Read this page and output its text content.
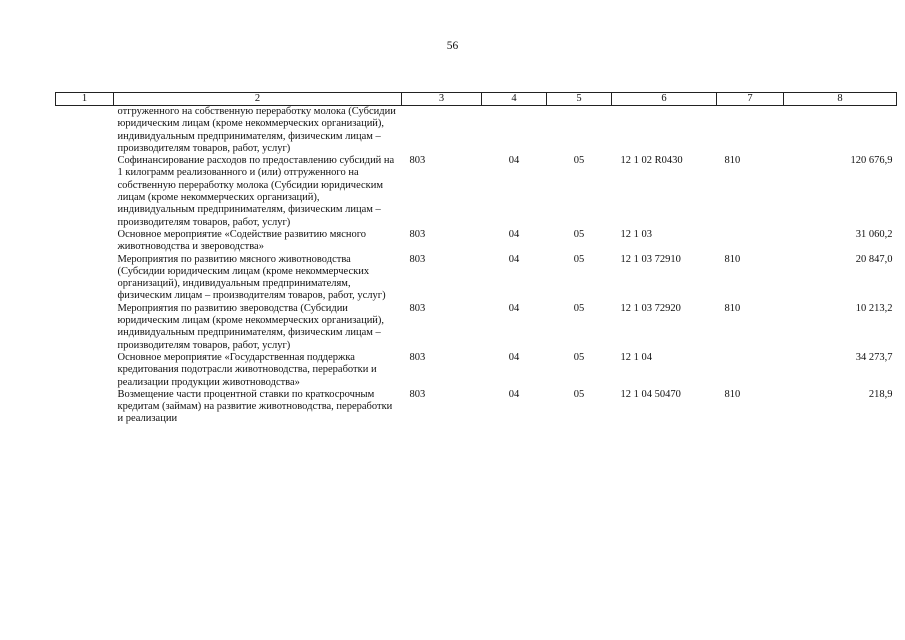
56
1	2	3	4	5	6	7	8
	отгруженного на собственную переработку молока (Субсидии юридическим лицам (кроме некоммерческих организаций), индивидуальным предпринимателям, физическим лицам – производителям товаров, работ, услуг)						
	Софинансирование расходов по предоставлению субсидий на 1 килограмм реализованного и (или) отгруженного на собственную переработку молока (Субсидии юридическим лицам (кроме некоммерческих организаций), индивидуальным предпринимателям, физическим лицам – производителям товаров, работ, услуг)	803	04	05	12 1 02 R0430	810	120 676,9
	Основное мероприятие «Содействие развитию мясного животноводства и звероводства»	803	04	05	12 1 03		31 060,2
	Мероприятия по развитию мясного животноводства (Субсидии юридическим лицам (кроме некоммерческих организаций), индивидуальным предпринимателям, физическим лицам – производителям товаров, работ, услуг)	803	04	05	12 1 03 72910	810	20 847,0
	Мероприятия по развитию звероводства (Субсидии юридическим лицам (кроме некоммерческих организаций), индивидуальным предпринимателям, физическим лицам – производителям товаров, работ, услуг)	803	04	05	12 1 03 72920	810	10 213,2
	Основное мероприятие «Государственная поддержка кредитования подотрасли животноводства, переработки и реализации продукции животноводства»	803	04	05	12 1 04		34 273,7
	Возмещение части процентной ставки по краткосрочным кредитам (займам) на развитие животноводства, переработки и реализации	803	04	05	12 1 04 50470	810	218,9
